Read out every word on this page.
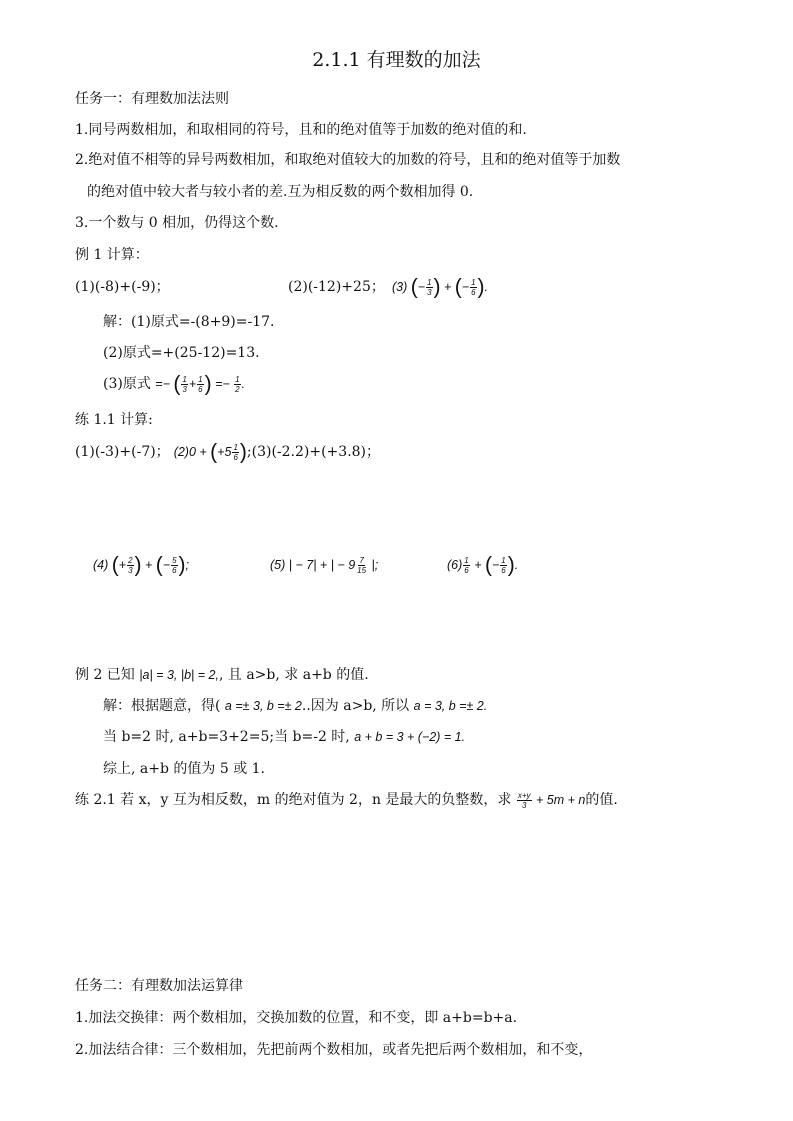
2.1.1 有理数的加法
任务一：有理数加法法则
1.同号两数相加，和取相同的符号，且和的绝对值等于加数的绝对值的和.
2.绝对值不相等的异号两数相加，和取绝对值较大的加数的符号，且和的绝对值等于加数
的绝对值中较大者与较小者的差.互为相反数的两个数相加得 0.
3.一个数与 0 相加，仍得这个数.
例 1 计算：
(1)(-8)+(-9)；	(2)(-12)+25； (3) (− $\frac{1}{3}$ ) + (− $\frac{1}{6}$ ).
解：(1)原式=-(8+9)=-17.
(2)原式=+(25-12)=13.
(3)原式 =− ( $\frac{1}{3} + \frac{1}{6}$ ) =− $\frac{1}{2}$ .
练 1.1 计算:
(1)(-3)+(-7)； $(2)0 + (+5 \frac{1}{6}$ );(3)(-2.2)+(+3.8)；
(4) (+ $\frac{2}{3}$ ) + (− $\frac{5}{6}$ );	(5) | − 7| + | − $9 \frac{7}{15}$ |;	$(6) \frac{1}{6}$ + (− $\frac{1}{6}$ ).
例 2 已知 |a| = 3, |b| = 2,, 且 a>b, 求 a+b 的值.
解：根据题意，得( a =± 3, b =± 2..因为 a>b, 所以 a = 3, b =± 2.
当 b=2 时, a+b=3+2=5;当 b=-2 时, a + b = 3 + (−2) = 1.
综上, a+b 的值为 5 或 1.
练 2.1 若 x，y 互为相反数，m 的绝对值为 2，n 是最大的负整数，求 $\frac{x+y}{3} + 5m + n$的值.
任务二：有理数加法运算律
1.加法交换律：两个数相加，交换加数的位置，和不变，即 a+b=b+a.
2.加法结合律：三个数相加，先把前两个数相加，或者先把后两个数相加，和不变，
